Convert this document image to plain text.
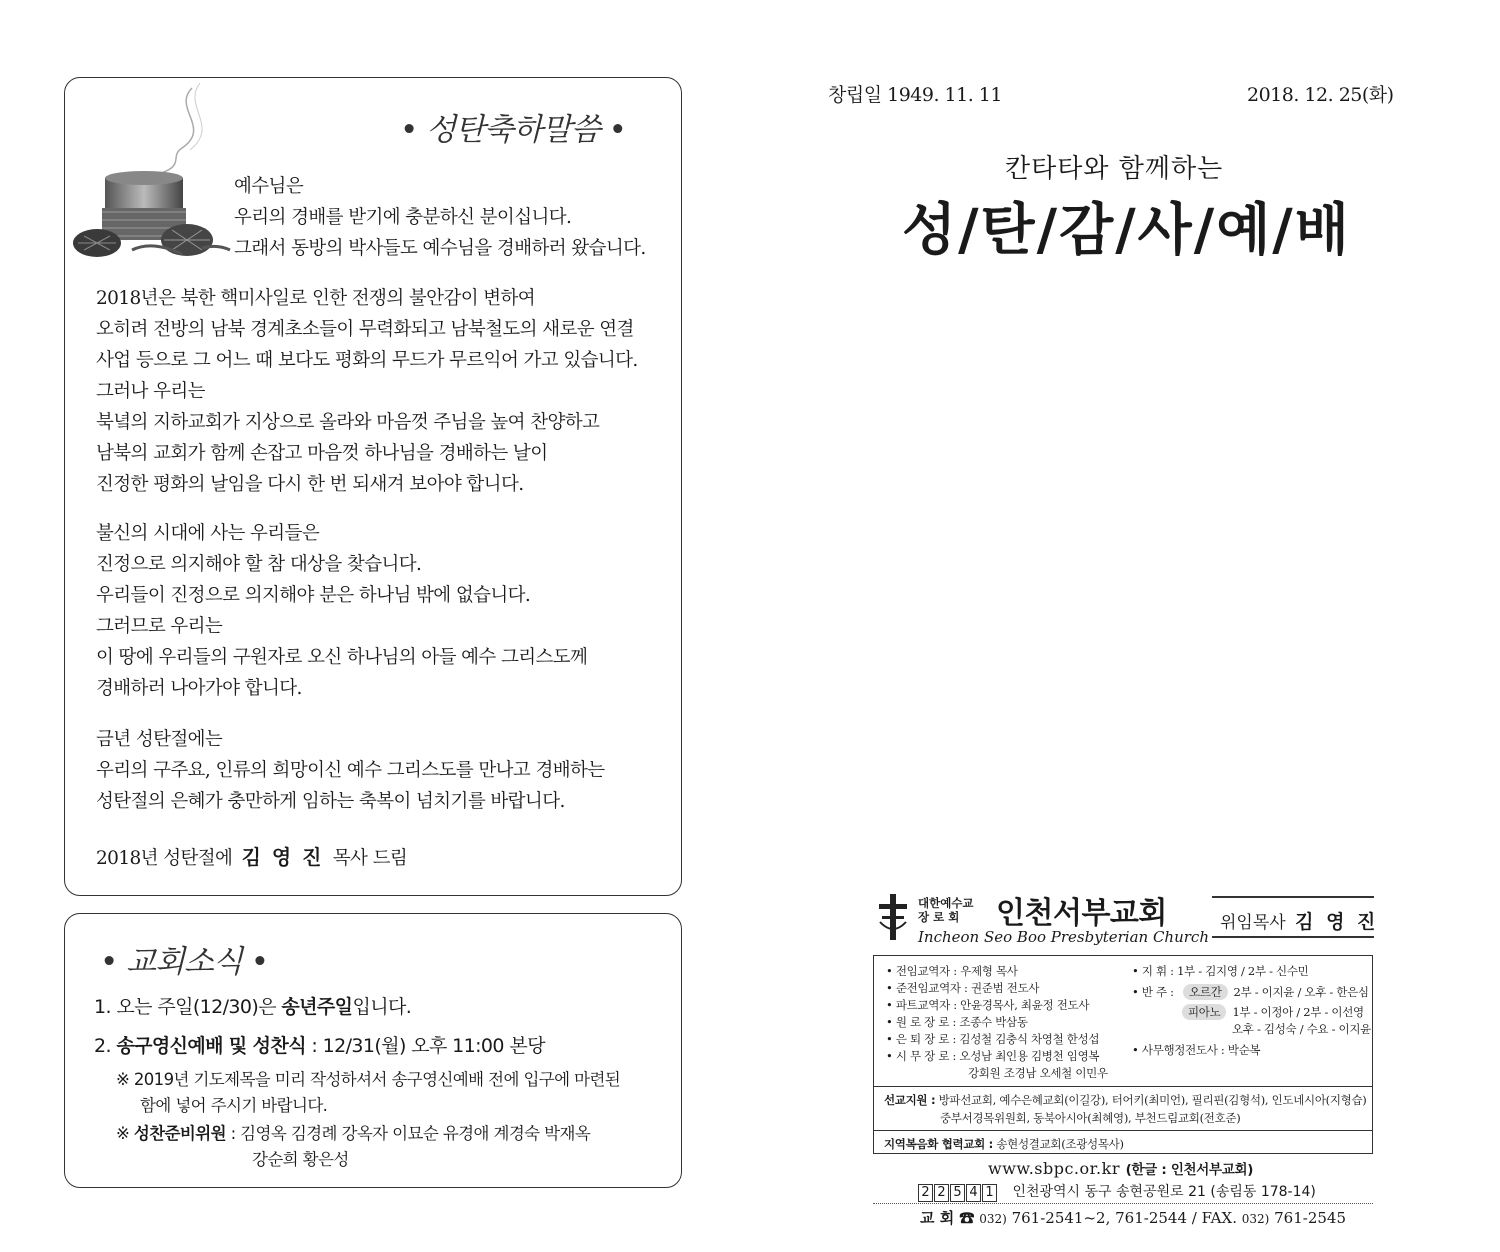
• 성탄축하말씀 •
예수님은
우리의 경배를 받기에 충분하신 분이십니다.
그래서 동방의 박사들도 예수님을 경배하러 왔습니다.

2018년은 북한 핵미사일로 인한 전쟁의 불안감이 변하여
오히려 전방의 남북 경계초소들이 무력화되고 남북철도의 새로운 연결
사업 등으로 그 어느 때 보다도 평화의 무드가 무르익어 가고 있습니다.
그러나 우리는
북녘의 지하교회가 지상으로 올라와 마음껏 주님을 높여 찬양하고
남북의 교회가 함께 손잡고 마음껏 하나님을 경배하는 날이
진정한 평화의 날임을 다시 한 번 되새겨 보아야 합니다.

불신의 시대에 사는 우리들은
진정으로 의지해야 할 참 대상을 찾습니다.
우리들이 진정으로 의지해야 분은 하나님 밖에 없습니다.
그러므로 우리는
이 땅에 우리들의 구원자로 오신 하나님의 아들 예수 그리스도께
경배하러 나아가야 합니다.

금년 성탄절에는
우리의 구주요, 인류의 희망이신 예수 그리스도를 만나고 경배하는
성탄절의 은혜가 충만하게 임하는 축복이 넘치기를 바랍니다.

2018년 성탄절에 김 영 진 목사 드림
• 교회소식 •
1. 오는 주일(12/30)은 송년주일입니다.
2. 송구영신예배 및 성찬식 : 12/31(월) 오후 11:00 본당
※ 2019년 기도제목을 미리 작성하셔서 송구영신예배 전에 입구에 마련된
함에 넣어 주시기 바랍니다.
※ 성찬준비위원 : 김영옥 김경례 강옥자 이묘순 유경애 계경숙 박재옥
강순희 황은성
창립일 1949. 11. 11	2018. 12. 25(화)
칸타타와 함께하는
성/탄/감/사/예/배
대한예수교
장 로 회	인천서부교회
Incheon Seo Boo Presbyterian Church
위임목사 김 영 진
• 전임교역자 : 우제형 목사
• 준전임교역자 : 권준범 전도사
• 파트교역자 : 안윤경목사, 최윤정 전도사
• 원 로 장 로 : 조종수 박삼동
• 은 퇴 장 로 : 김성철 김충식 차영철 한성섭
• 시 무 장 로 : 오성남 최인용 김병천 임영복
강회원 조경남 오세철 이민우
• 지 휘 : 1부 - 김지영 / 2부 - 신수민
• 반 주 : 오르간 2부 - 이지윤 / 오후 - 한은심
피아노 1부 - 이정아 / 2부 - 이선영
오후 - 김성숙 / 수요 - 이지윤
• 사무행정전도사 : 박순복
선교지원 : 방파선교회, 예수은혜교회(이길강), 터어키(최미언), 필리핀(김형석), 인도네시아(지형습)
중부서경목위원회, 동북아시아(최혜영), 부천드림교회(전호준)
지역복음화 협력교회 : 송현성결교회(조광성목사)
www.sbpc.or.kr (한글 : 인천서부교회)
2 2 5 4 1 인천광역시 동구 송현공원로 21 (송림동 178-14)
교 회 ☎ 032) 761-2541~2, 761-2544 / FAX. 032) 761-2545
